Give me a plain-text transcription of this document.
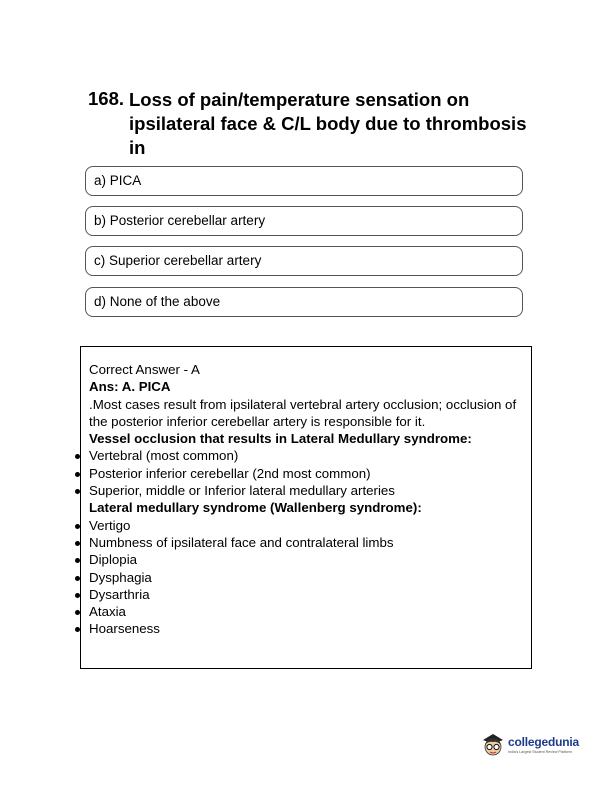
168. Loss of pain/temperature sensation on ipsilateral face & C/L body due to thrombosis in
a) PICA
b) Posterior cerebellar artery
c) Superior cerebellar artery
d) None of the above

Correct Answer - A

Ans: A. PICA

.Most cases result from ipsilateral vertebral artery occlusion; occlusion of the posterior inferior cerebellar artery is responsible for it.

Vessel occlusion that results in Lateral Medullary syndrome:

Vertebral (most common)
Posterior inferior cerebellar (2nd most common)
Superior, middle or Inferior lateral medullary arteries

Lateral medullary syndrome (Wallenberg syndrome):

Vertigo
Numbness of ipsilateral face and contralateral limbs
Diplopia
Dysphagia
Dysarthria
Ataxia
Hoarseness
collegedunia
India's Largest Student Review Platform
